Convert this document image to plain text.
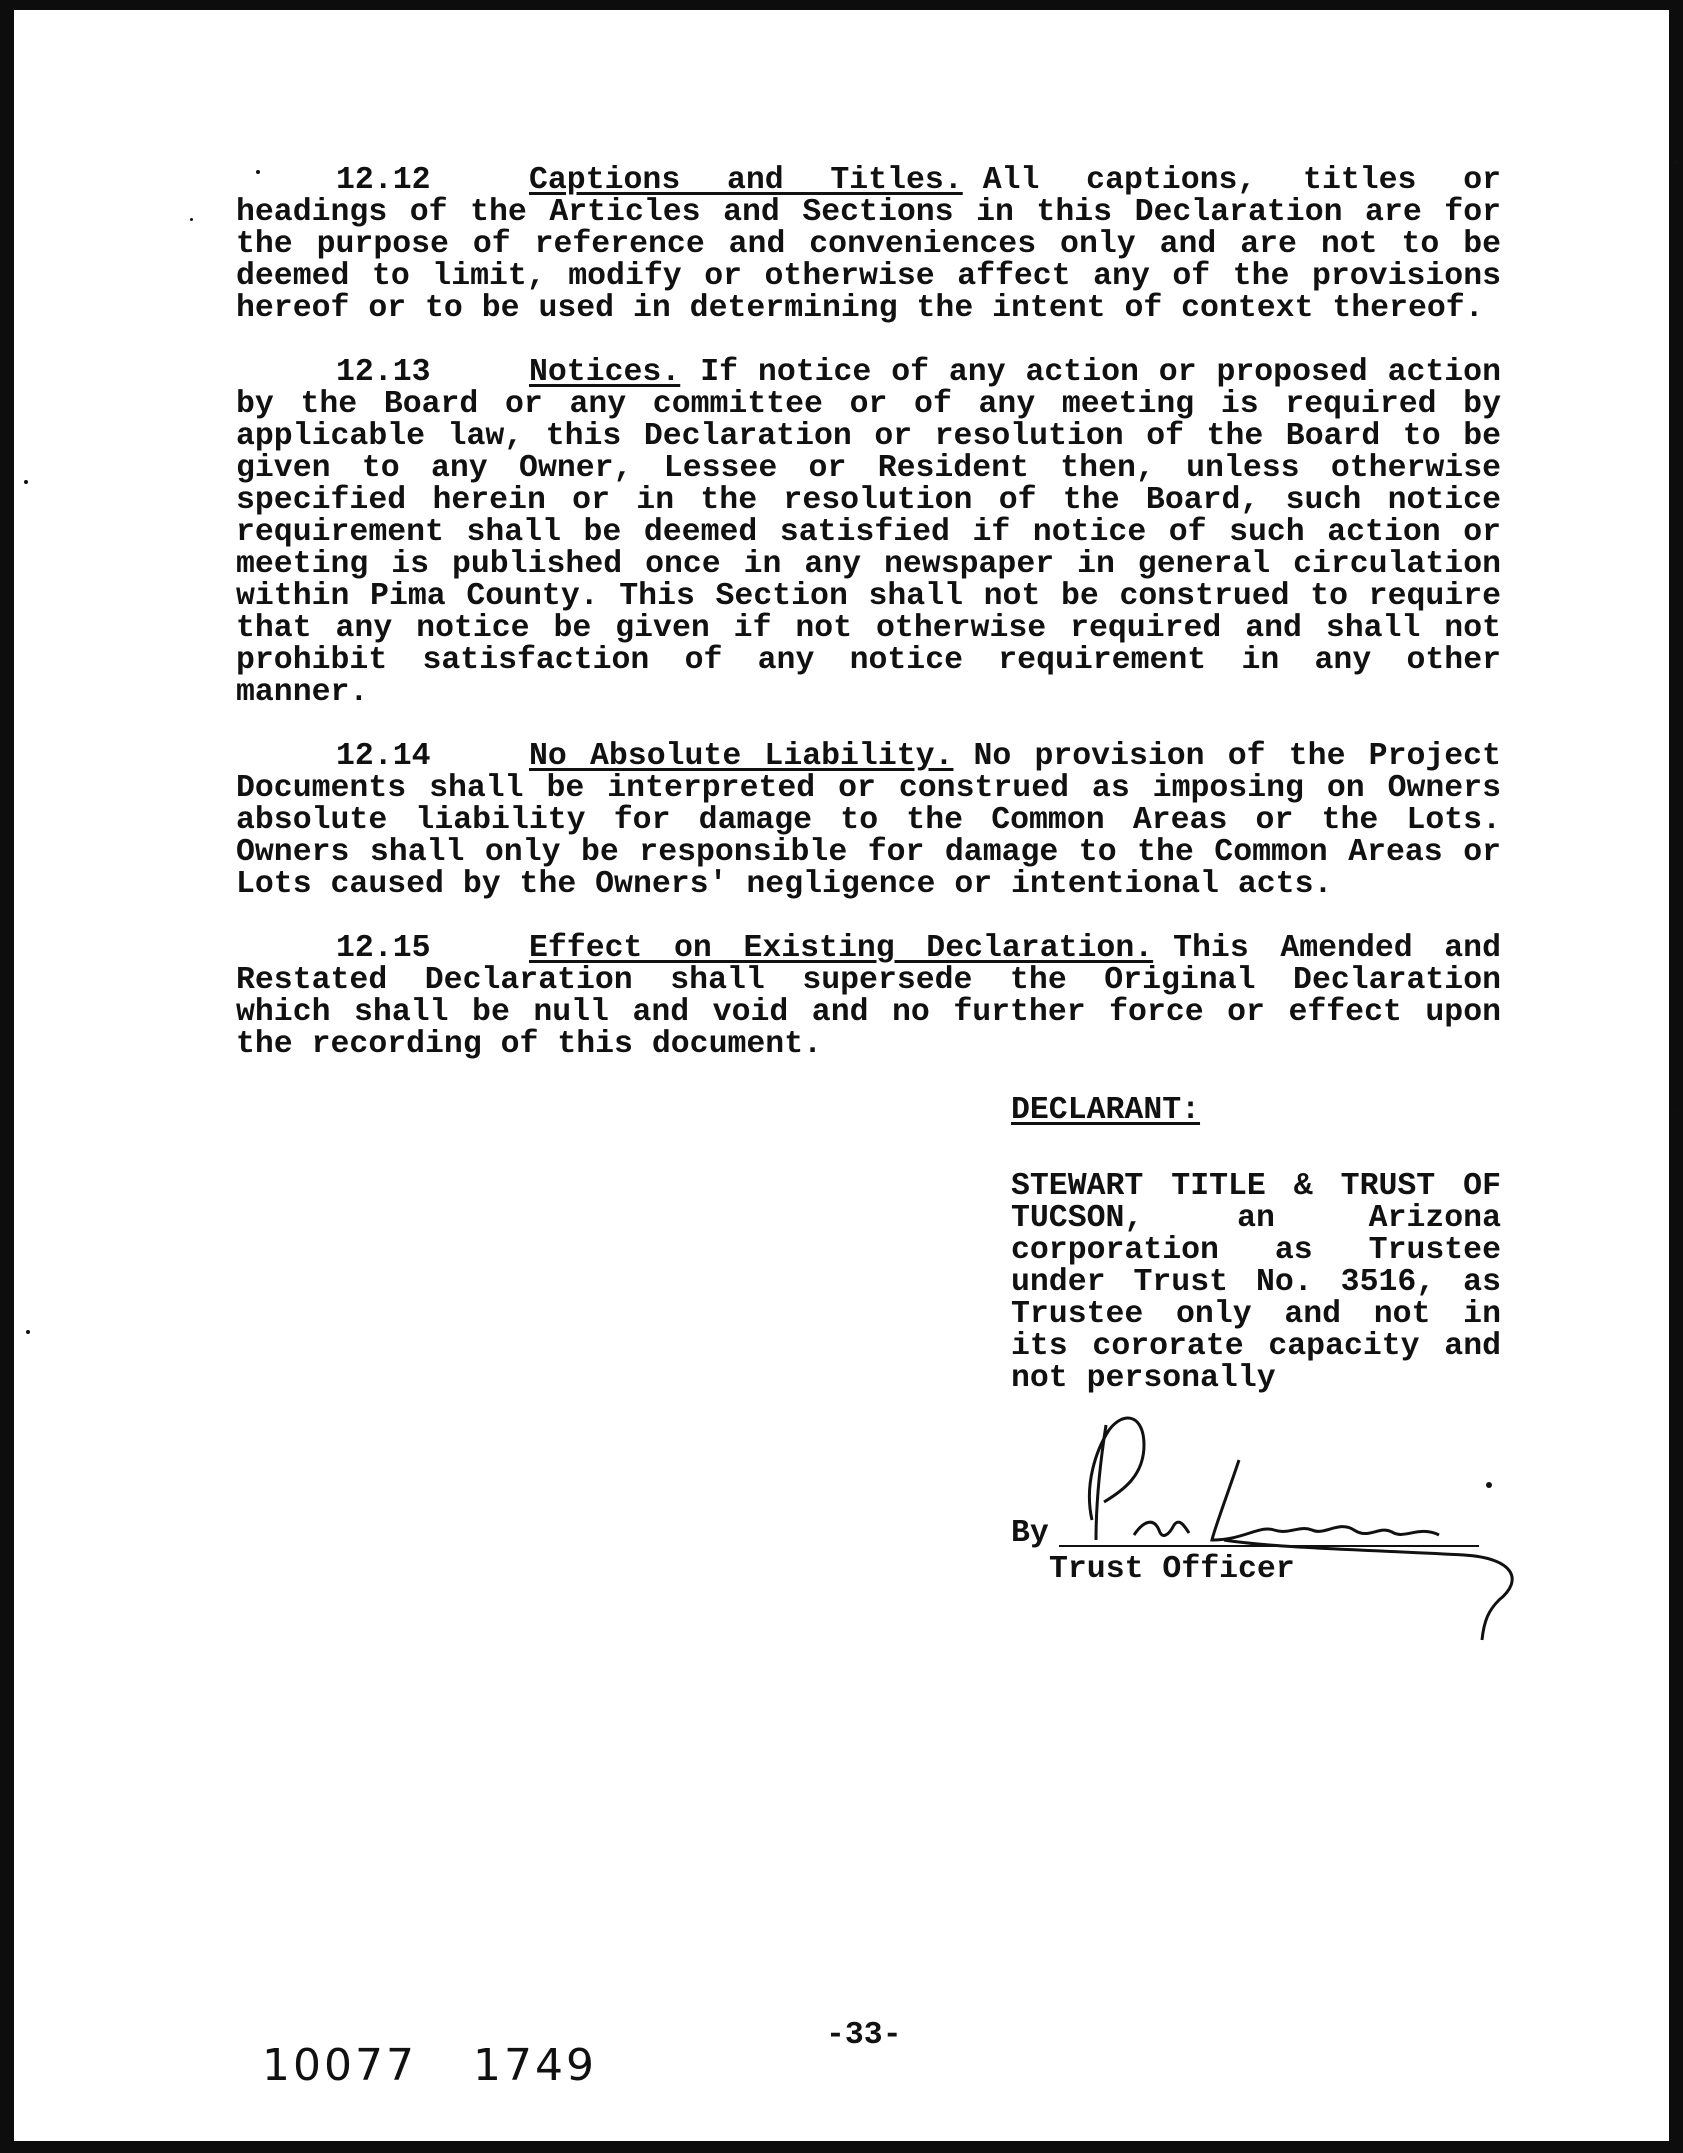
12.12	Captions and Titles. All captions, titles or headings of the Articles and Sections in this Declaration are for the purpose of reference and conveniences only and are not to be deemed to limit, modify or otherwise affect any of the provisions hereof or to be used in determining the intent of context thereof.

12.13	Notices. If notice of any action or proposed action by the Board or any committee or of any meeting is required by applicable law, this Declaration or resolution of the Board to be given to any Owner, Lessee or Resident then, unless otherwise specified herein or in the resolution of the Board, such notice requirement shall be deemed satisfied if notice of such action or meeting is published once in any newspaper in general circulation within Pima County. This Section shall not be construed to require that any notice be given if not otherwise required and shall not prohibit satisfaction of any notice requirement in any other manner.

12.14	No Absolute Liability. No provision of the Project Documents shall be interpreted or construed as imposing on Owners absolute liability for damage to the Common Areas or the Lots. Owners shall only be responsible for damage to the Common Areas or Lots caused by the Owners' negligence or intentional acts.

12.15	Effect on Existing Declaration. This Amended and Restated Declaration shall supersede the Original Declaration which shall be null and void and no further force or effect upon the recording of this document.

DECLARANT:
STEWART TITLE & TRUST OF TUCSON, an Arizona corporation as Trustee under Trust No. 3516, as Trustee only and not in its cororate capacity and not personally
By
Trust Officer
-33-
10077 1749
